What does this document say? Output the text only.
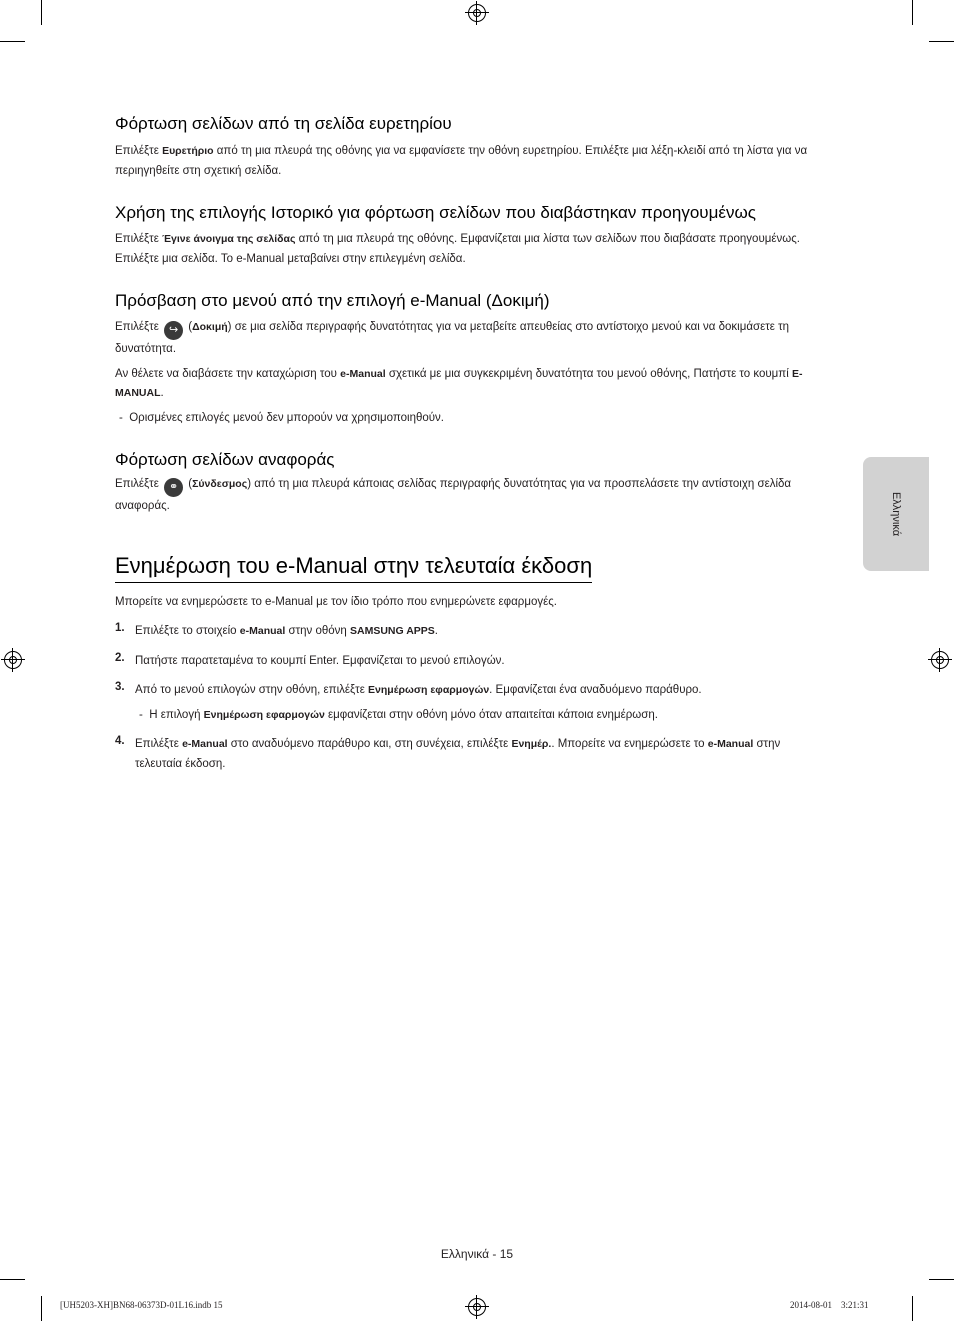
Φόρτωση σελίδων από τη σελίδα ευρετηρίου

Επιλέξτε Ευρετήριο από τη μια πλευρά της οθόνης για να εμφανίσετε την οθόνη ευρετηρίου. Επιλέξτε μια λέξη-κλειδί από τη λίστα για να περιηγηθείτε στη σχετική σελίδα.

Χρήση της επιλογής Ιστορικό για φόρτωση σελίδων που διαβάστηκαν προηγουμένως

Επιλέξτε Έγινε άνοιγμα της σελίδας από τη μια πλευρά της οθόνης. Εμφανίζεται μια λίστα των σελίδων που διαβάσατε προηγουμένως. Επιλέξτε μια σελίδα. Το e-Manual μεταβαίνει στην επιλεγμένη σελίδα.

Πρόσβαση στο μενού από την επιλογή e-Manual (Δοκιμή)

Επιλέξτε ↪ (Δοκιμή) σε μια σελίδα περιγραφής δυνατότητας για να μεταβείτε απευθείας στο αντίστοιχο μενού και να δοκιμάσετε τη δυνατότητα.

Αν θέλετε να διαβάσετε την καταχώριση του e-Manual σχετικά με μια συγκεκριμένη δυνατότητα του μενού οθόνης, Πατήστε το κουμπί E-MANUAL.

-  Ορισμένες επιλογές μενού δεν μπορούν να χρησιμοποιηθούν.

Φόρτωση σελίδων αναφοράς

Επιλέξτε ⚭ (Σύνδεσμος) από τη μια πλευρά κάποιας σελίδας περιγραφής δυνατότητας για να προσπελάσετε την αντίστοιχη σελίδα αναφοράς.

Ενημέρωση του e-Manual στην τελευταία έκδοση

Μπορείτε να ενημερώσετε το e-Manual με τον ίδιο τρόπο που ενημερώνετε εφαρμογές.

1. Επιλέξτε το στοιχείο e-Manual στην οθόνη SAMSUNG APPS.

2. Πατήστε παρατεταμένα το κουμπί Enter. Εμφανίζεται το μενού επιλογών.

3. Από το μενού επιλογών στην οθόνη, επιλέξτε Ενημέρωση εφαρμογών. Εμφανίζεται ένα αναδυόμενο παράθυρο.

-  Η επιλογή Ενημέρωση εφαρμογών εμφανίζεται στην οθόνη μόνο όταν απαιτείται κάποια ενημέρωση.

4. Επιλέξτε e-Manual στο αναδυόμενο παράθυρο και, στη συνέχεια, επιλέξτε Ενημέρ.. Μπορείτε να ενημερώσετε το e-Manual στην τελευταία έκδοση.

Ελληνικά
Ελληνικά - 15
[UH5203-XH]BN68-06373D-01L16.indb 15	2014-08-01   3:21:31
